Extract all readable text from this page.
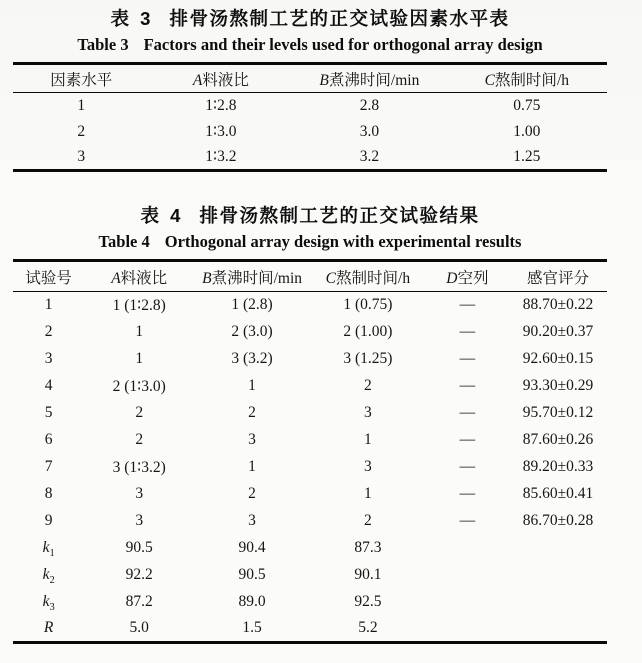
表 3 排骨汤熬制工艺的正交试验因素水平表
Table 3 Factors and their levels used for orthogonal array design
因素水平	A料液比	B煮沸时间/min	C熬制时间/h
1	1∶2.8	2.8	0.75
2	1∶3.0	3.0	1.00
3	1∶3.2	3.2	1.25
表 4 排骨汤熬制工艺的正交试验结果
Table 4 Orthogonal array design with experimental results
试验号	A料液比	B煮沸时间/min	C熬制时间/h	D空列	感官评分
1	1 (1∶2.8)	1 (2.8)	1 (0.75)	—	88.70±0.22
2	1	2 (3.0)	2 (1.00)	—	90.20±0.37
3	1	3 (3.2)	3 (1.25)	—	92.60±0.15
4	2 (1∶3.0)	1	2	—	93.30±0.29
5	2	2	3	—	95.70±0.12
6	2	3	1	—	87.60±0.26
7	3 (1∶3.2)	1	3	—	89.20±0.33
8	3	2	1	—	85.60±0.41
9	3	3	2	—	86.70±0.28
$k_1$	90.5	90.4	87.3		
$k_2$	92.2	90.5	90.1		
$k_3$	87.2	89.0	92.5		
R	5.0	1.5	5.2		
